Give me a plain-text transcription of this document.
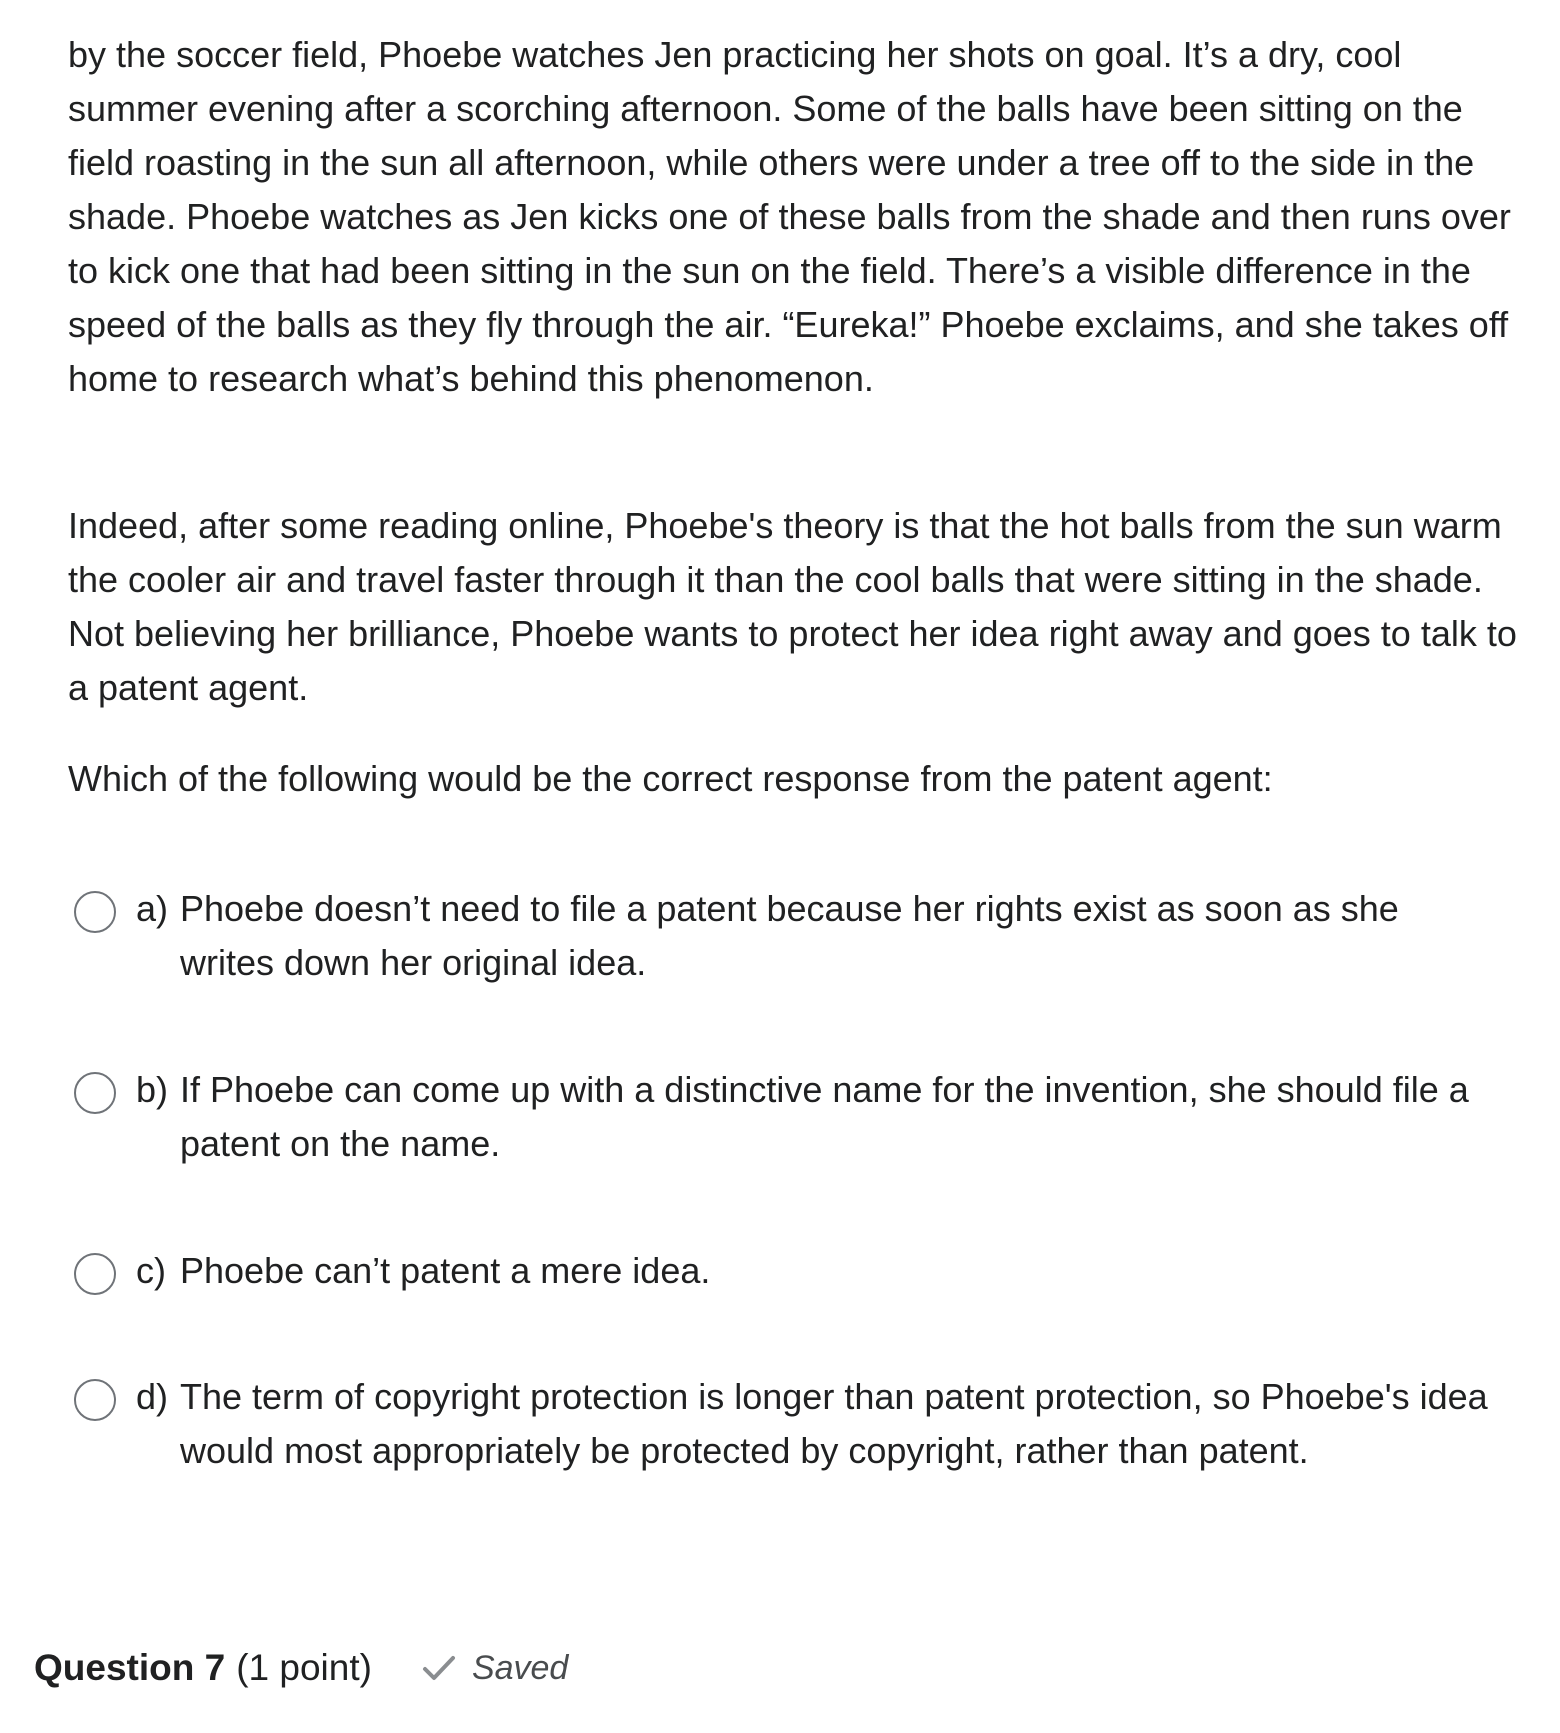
by the soccer field, Phoebe watches Jen practicing her shots on goal. It’s a dry, cool summer evening after a scorching afternoon. Some of the balls have been sitting on the field roasting in the sun all afternoon, while others were under a tree off to the side in the shade. Phoebe watches as Jen kicks one of these balls from the shade and then runs over to kick one that had been sitting in the sun on the field. There’s a visible difference in the speed of the balls as they fly through the air. “Eureka!” Phoebe exclaims, and she takes off home to research what’s behind this phenomenon.

Indeed, after some reading online, Phoebe's theory is that the hot balls from the sun warm the cooler air and travel faster through it than the cool balls that were sitting in the shade. Not believing her brilliance, Phoebe wants to protect her idea right away and goes to talk to a patent agent.

Which of the following would be the correct response from the patent agent:

a) Phoebe doesn’t need to file a patent because her rights exist as soon as she writes down her original idea.
b) If Phoebe can come up with a distinctive name for the invention, she should file a patent on the name.
c) Phoebe can’t patent a mere idea.
d) The term of copyright protection is longer than patent protection, so Phoebe's idea would most appropriately be protected by copyright, rather than patent.
Question 7 (1 point)	Saved
